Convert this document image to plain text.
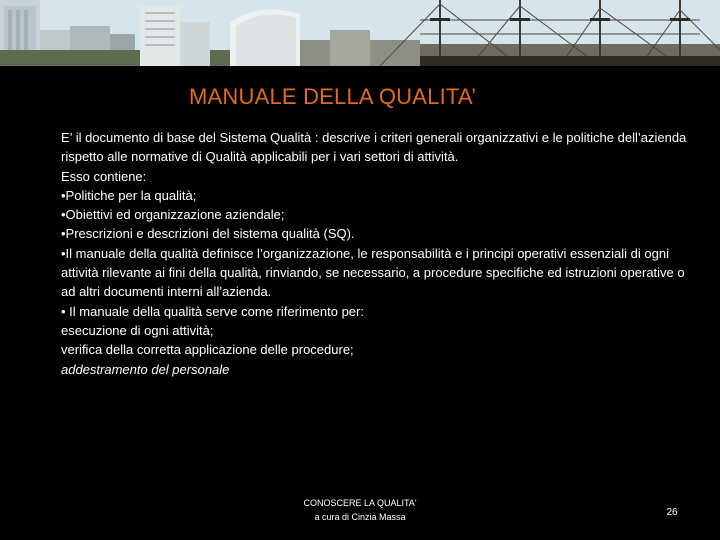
MANUALE DELLA QUALITA’

E’ il documento di base del Sistema Qualità : descrive i criteri generali organizzativi e le politiche dell’azienda rispetto alle normative di Qualità applicabili per i vari settori di attività.

Esso contiene:

•Politiche per la qualità;

•Obiettivi ed organizzazione aziendale;

•Prescrizioni e descrizioni del sistema qualità (SQ).

•Il manuale della qualità definisce l’organizzazione, le responsabilità e i principi operativi essenziali di ogni attività rilevante ai fini della qualità, rinviando, se necessario, a procedure specifiche ed istruzioni operative o ad altri documenti interni all’azienda.

• Il manuale della qualità serve come riferimento per:

esecuzione di ogni attività;

verifica della corretta applicazione delle procedure;

addestramento del personale

CONOSCERE LA QUALITA'
a cura di Cinzia Massa	26
